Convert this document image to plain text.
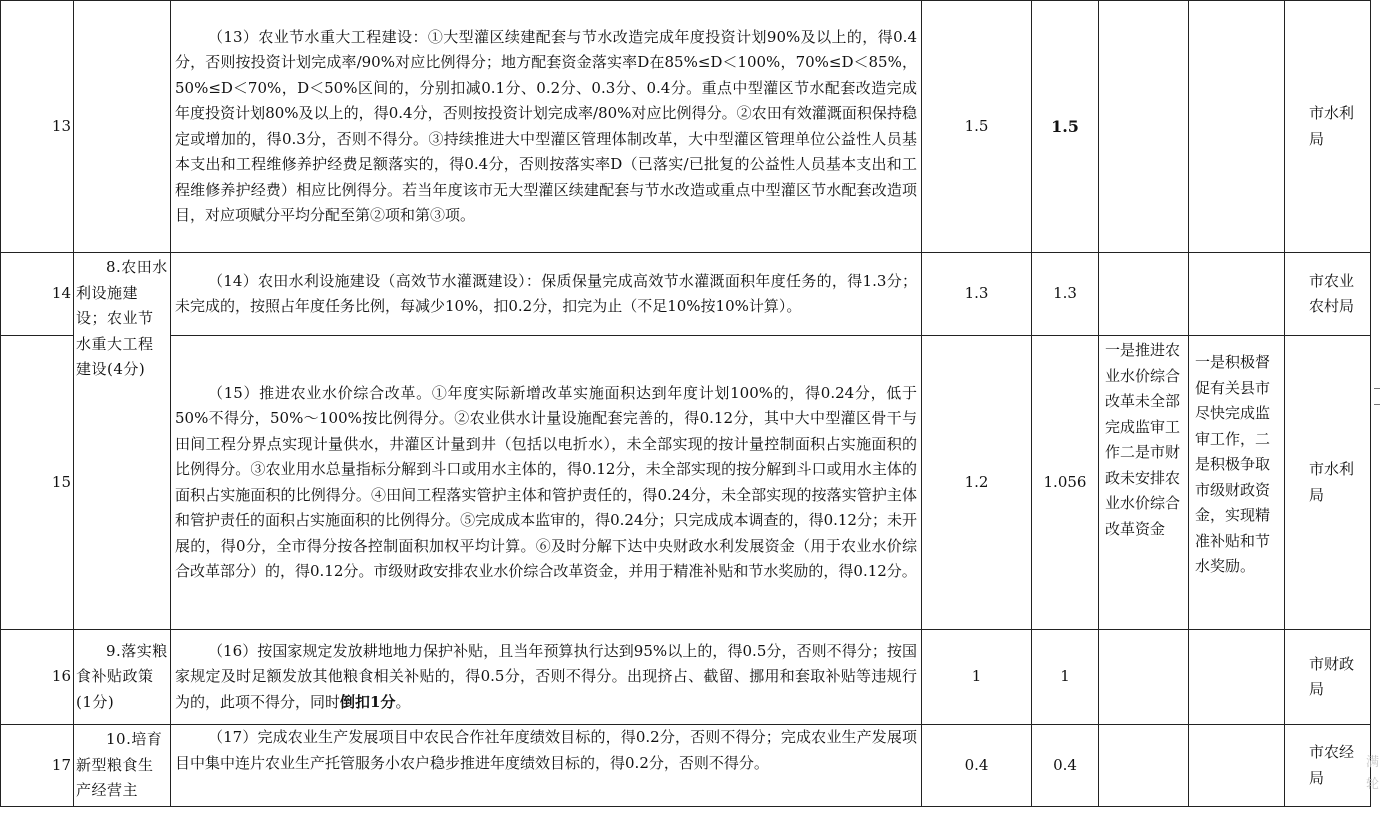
13		（13）农业节水重大工程建设：①大型灌区续建配套与节水改造完成年度投资计划90%及以上的，得0.4分，否则按投资计划完成率/90%对应比例得分；地方配套资金落实率D在85%≤D＜100%，70%≤D＜85%，50%≤D＜70%，D＜50%区间的，分别扣减0.1分、0.2分、0.3分、0.4分。重点中型灌区节水配套改造完成年度投资计划80%及以上的，得0.4分，否则按投资计划完成率/80%对应比例得分。②农田有效灌溉面积保持稳定或增加的，得0.3分，否则不得分。③持续推进大中型灌区管理体制改革，大中型灌区管理单位公益性人员基本支出和工程维修养护经费足额落实的，得0.4分，否则按落实率D（已落实/已批复的公益性人员基本支出和工程维修养护经费）相应比例得分。若当年度该市无大型灌区续建配套与节水改造或重点中型灌区节水配套改造项目，对应项赋分平均分配至第②项和第③项。	1.5	1.5			市水利局
14	8.农田水利设施建设；农业节水重大工程建设(4分)	（14）农田水利设施建设（高效节水灌溉建设）：保质保量完成高效节水灌溉面积年度任务的，得1.3分；未完成的，按照占年度任务比例，每减少10%，扣0.2分，扣完为止（不足10%按10%计算）。	1.3	1.3			市农业农村局
15		（15）推进农业水价综合改革。①年度实际新增改革实施面积达到年度计划100%的，得0.24分，低于50%不得分，50%～100%按比例得分。②农业供水计量设施配套完善的，得0.12分，其中大中型灌区骨干与田间工程分界点实现计量供水，井灌区计量到井（包括以电折水），未全部实现的按计量控制面积占实施面积的比例得分。③农业用水总量指标分解到斗口或用水主体的，得0.12分，未全部实现的按分解到斗口或用水主体的面积占实施面积的比例得分。④田间工程落实管护主体和管护责任的，得0.24分，未全部实现的按落实管护主体和管护责任的面积占实施面积的比例得分。⑤完成成本监审的，得0.24分；只完成成本调查的，得0.12分；未开展的，得0分，全市得分按各控制面积加权平均计算。⑥及时分解下达中央财政水利发展资金（用于农业水价综合改革部分）的，得0.12分。市级财政安排农业水价综合改革资金，并用于精准补贴和节水奖励的，得0.12分。	1.2	1.056	一是推进农业水价综合改革未全部完成监审工作二是市财政未安排农业水价综合改革资金	一是积极督促有关县市尽快完成监审工作，二是积极争取市级财政资金，实现精准补贴和节水奖励。	市水利局
16	9.落实粮食补贴政策(1分)	（16）按国家规定发放耕地地力保护补贴，且当年预算执行达到95%以上的，得0.5分，否则不得分；按国家规定及时足额发放其他粮食相关补贴的，得0.5分，否则不得分。出现挤占、截留、挪用和套取补贴等违规行为的，此项不得分，同时倒扣1分。	1	1			市财政局
17	10.培育新型粮食生产经营主	（17）完成农业生产发展项目中农民合作社年度绩效目标的，得0.2分，否则不得分；完成农业生产发展项目中集中连片农业生产托管服务小农户稳步推进年度绩效目标的，得0.2分，否则不得分。	0.4	0.4			市农经局
满 轮
